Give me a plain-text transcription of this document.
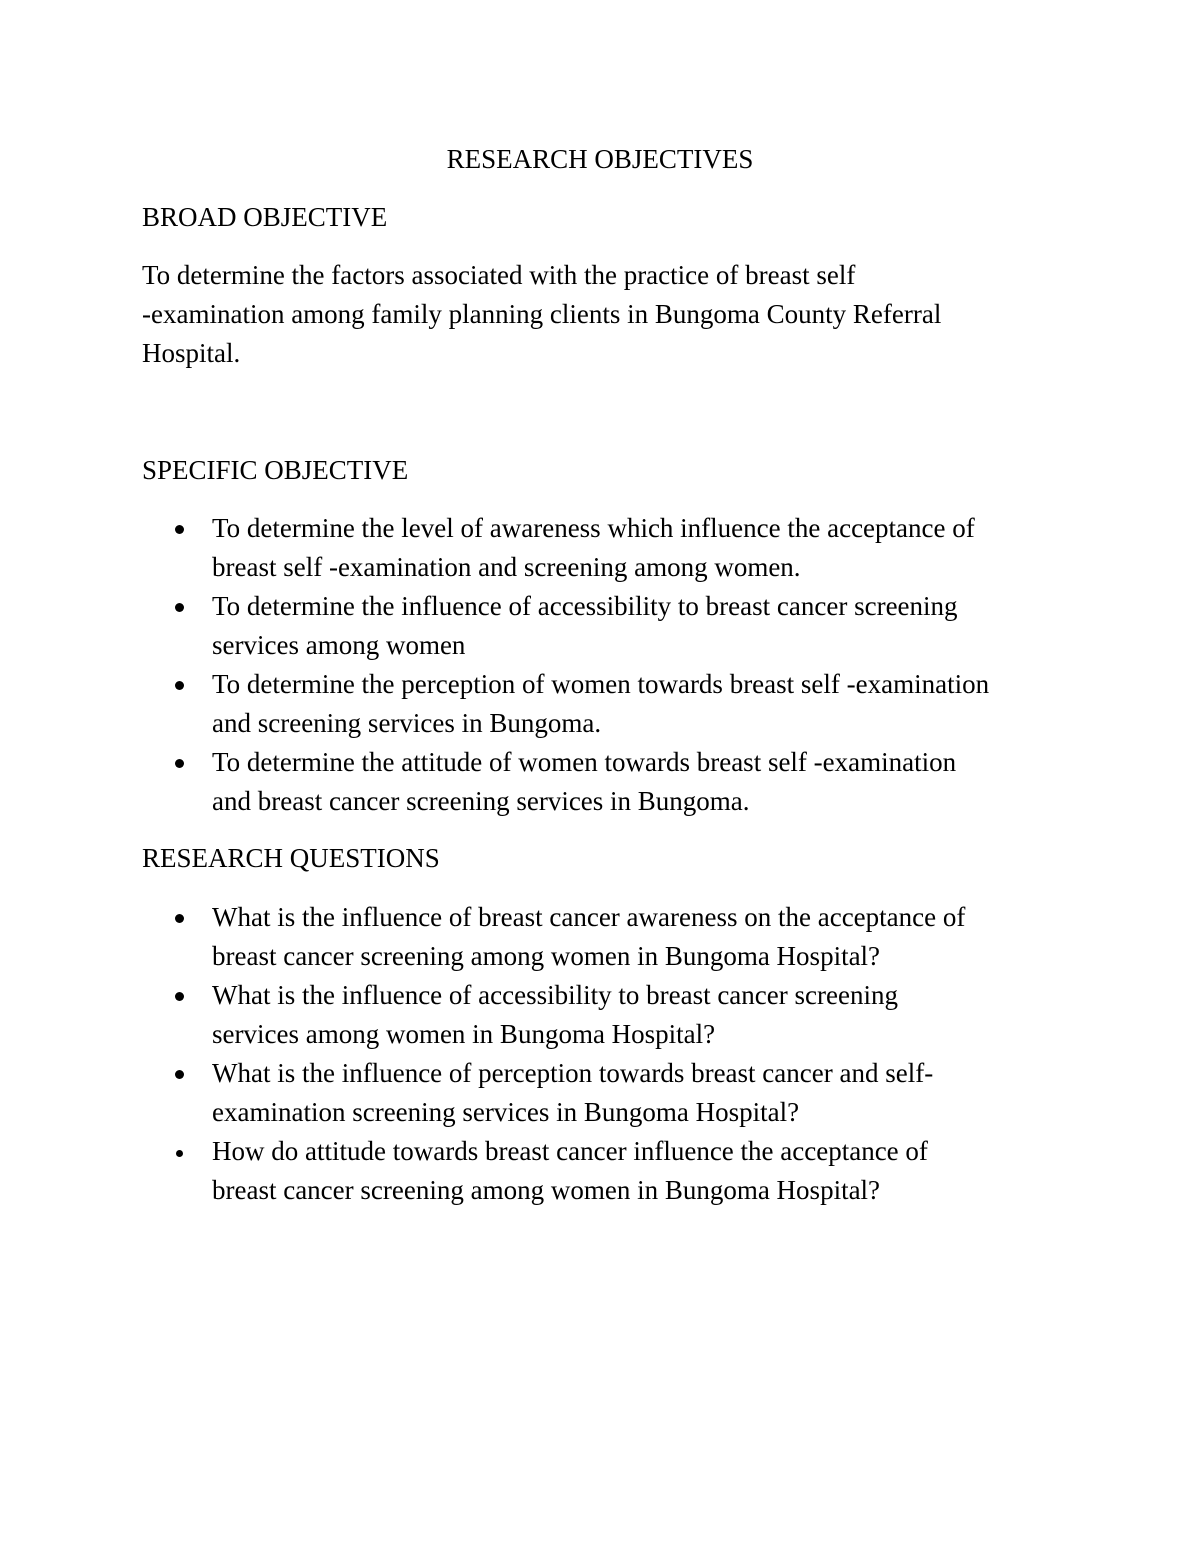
RESEARCH OBJECTIVES
BROAD OBJECTIVE

To determine the factors associated with the practice of breast self
-examination among family planning clients in Bungoma County Referral
Hospital.

SPECIFIC OBJECTIVE
To determine the level of awareness which influence the acceptance of
breast self -examination and screening among women.
To determine the influence of accessibility to breast cancer screening
services among women
To determine the perception of women towards breast self -examination
and screening services in Bungoma.
To determine the attitude of women towards breast self -examination
and breast cancer screening services in Bungoma.
RESEARCH QUESTIONS
What is the influence of breast cancer awareness on the acceptance of
breast cancer screening among women in Bungoma Hospital?
What is the influence of accessibility to breast cancer screening
services among women in Bungoma Hospital?
What is the influence of perception towards breast cancer and self-
examination screening services in Bungoma Hospital?
How do attitude towards breast cancer influence the acceptance of
breast cancer screening among women in Bungoma Hospital?
